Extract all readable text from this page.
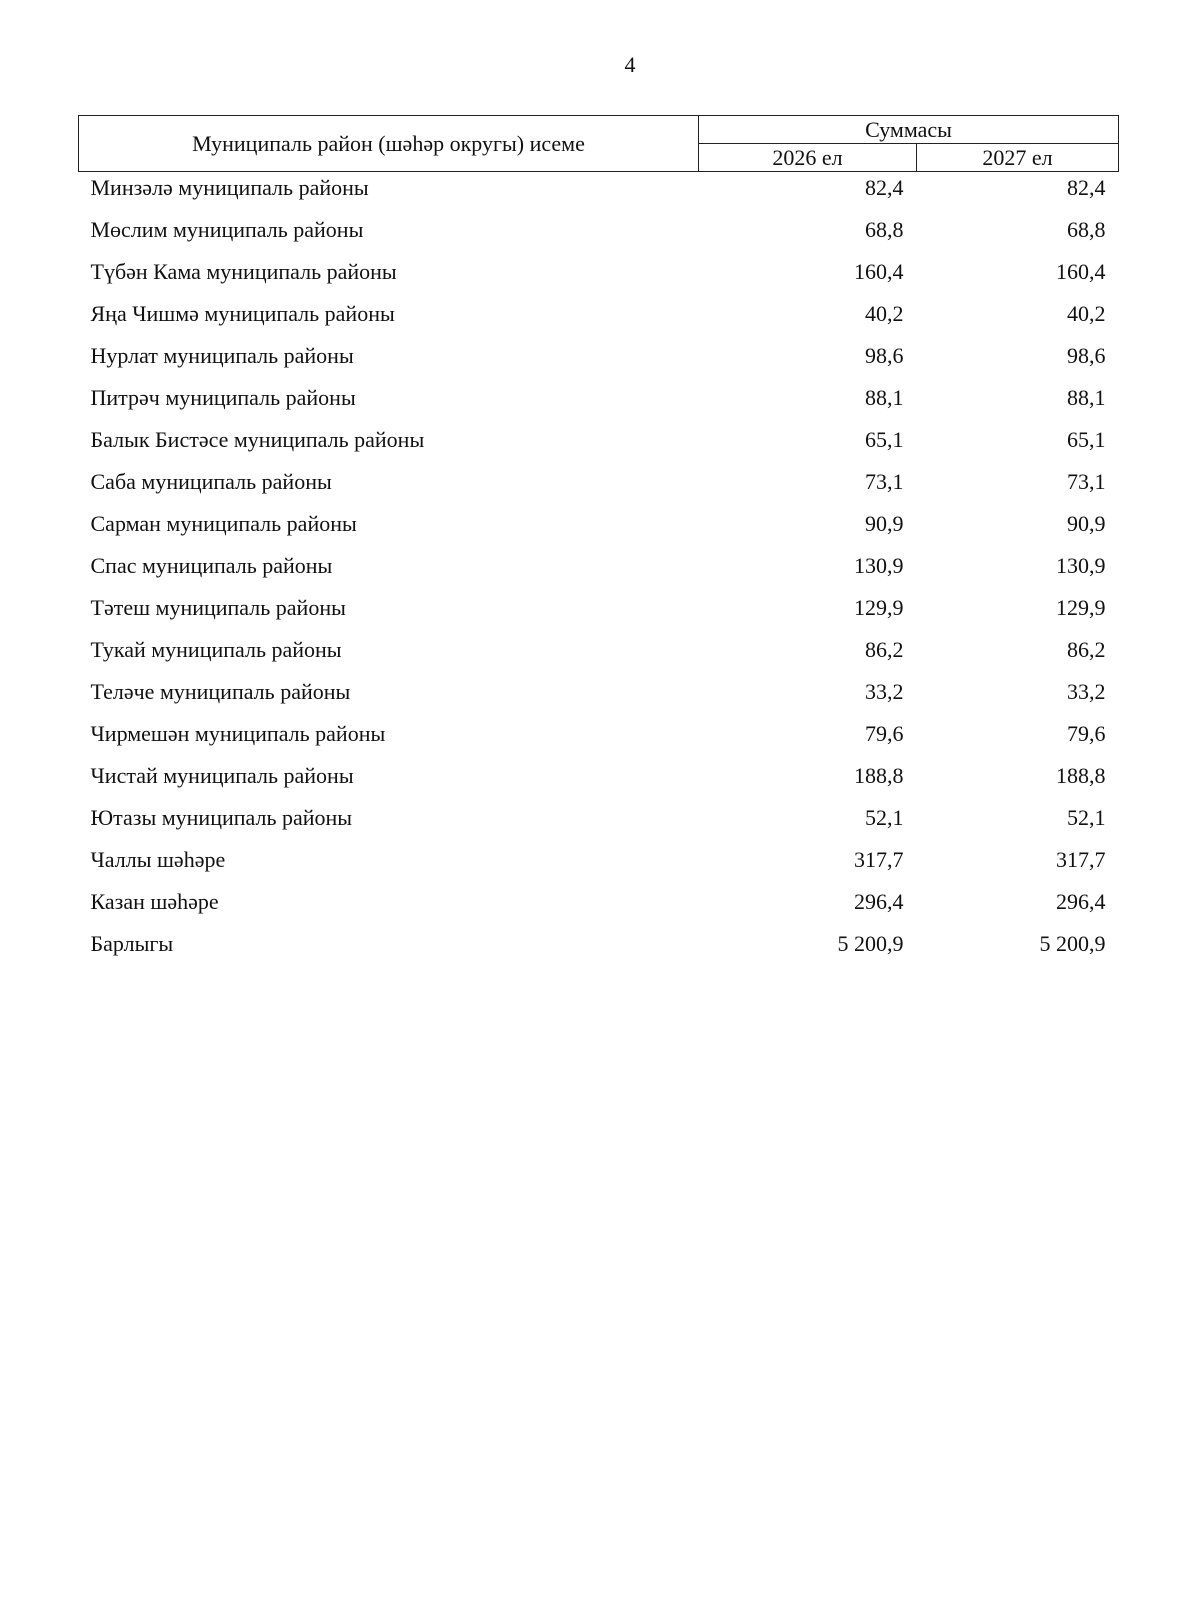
4
Муниципаль район (шәһәр округы) исеме	Суммасы	
	2026 ел	2027 ел
Минзәлә муниципаль районы	82,4	82,4
Мөслим муниципаль районы	68,8	68,8
Түбән Кама муниципаль районы	160,4	160,4
Яңа Чишмә муниципаль районы	40,2	40,2
Нурлат муниципаль районы	98,6	98,6
Питрәч муниципаль районы	88,1	88,1
Балык Бистәсе муниципаль районы	65,1	65,1
Саба муниципаль районы	73,1	73,1
Сарман муниципаль районы	90,9	90,9
Спас муниципаль районы	130,9	130,9
Тәтеш муниципаль районы	129,9	129,9
Тукай муниципаль районы	86,2	86,2
Теләче муниципаль районы	33,2	33,2
Чирмешән муниципаль районы	79,6	79,6
Чистай муниципаль районы	188,8	188,8
Ютазы муниципаль районы	52,1	52,1
Чаллы шәһәре	317,7	317,7
Казан шәһәре	296,4	296,4
Барлыгы	5 200,9	5 200,9
